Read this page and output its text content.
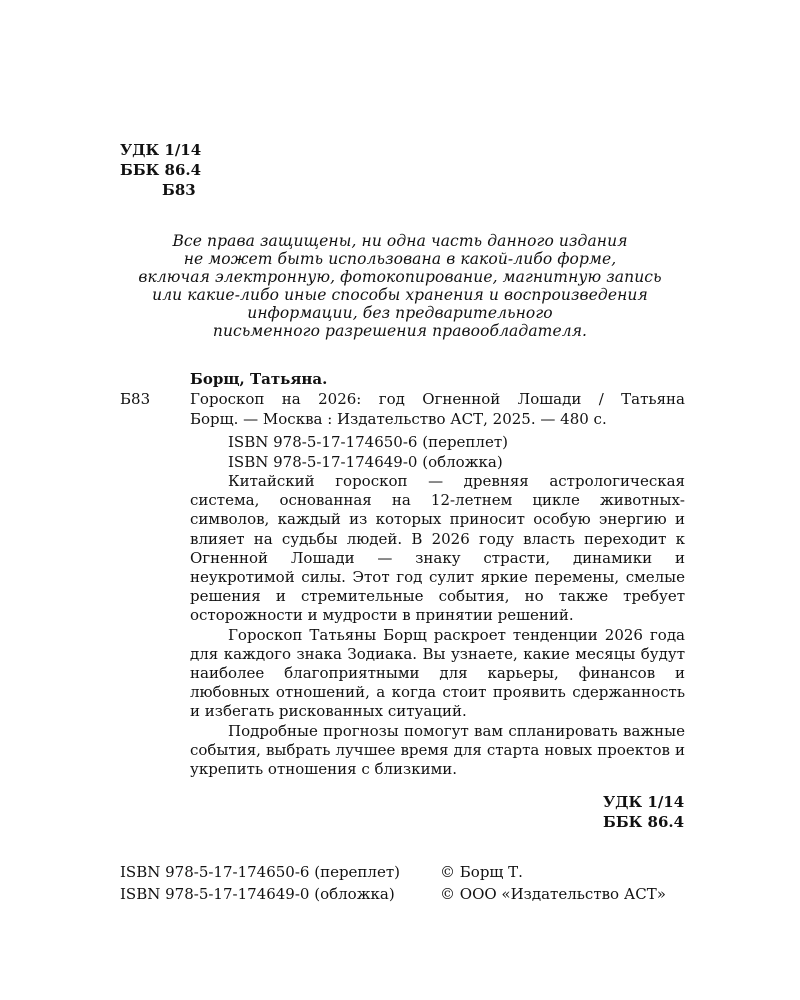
УДК 1/14
ББК 86.4
Б83
Все права защищены, ни одна часть данного издания
не может быть использована в какой-либо форме,
включая электронную, фотокопирование, магнитную запись
или какие-либо иные способы хранения и воспроизведения
информации, без предварительного
письменного разрешения правообладателя.
Борщ, Татьяна.
Б83	Гороскоп на 2026: год Огненной Лошади / Татьяна
Борщ. — Москва : Издательство АСТ, 2025. — 480 с.
ISBN 978-5-17-174650-6 (переплет)
ISBN 978-5-17-174649-0 (обложка)

Китайский гороскоп — древняя астрологическая система, основанная на 12-летнем цикле животных-символов, каждый из которых приносит особую энергию и влияет на судьбы людей. В 2026 году власть переходит к Огненной Лошади — знаку страсти, динамики и неукротимой силы. Этот год сулит яркие перемены, смелые решения и стремительные события, но также требует осторожности и мудрости в принятии решений.

Гороскоп Татьяны Борщ раскроет тенденции 2026 года для каждого знака Зодиака. Вы узнаете, какие месяцы будут наиболее благоприятными для карьеры, финансов и любовных отношений, а когда стоит проявить сдержанность и избегать рискованных ситуаций.

Подробные прогнозы помогут вам спланировать важные события, выбрать лучшее время для старта новых проектов и укрепить отношения с близкими.

УДК 1/14
ББК 86.4
ISBN 978-5-17-174650-6 (переплет)	© Борщ Т.
ISBN 978-5-17-174649-0 (обложка)	© ООО «Издательство АСТ»
